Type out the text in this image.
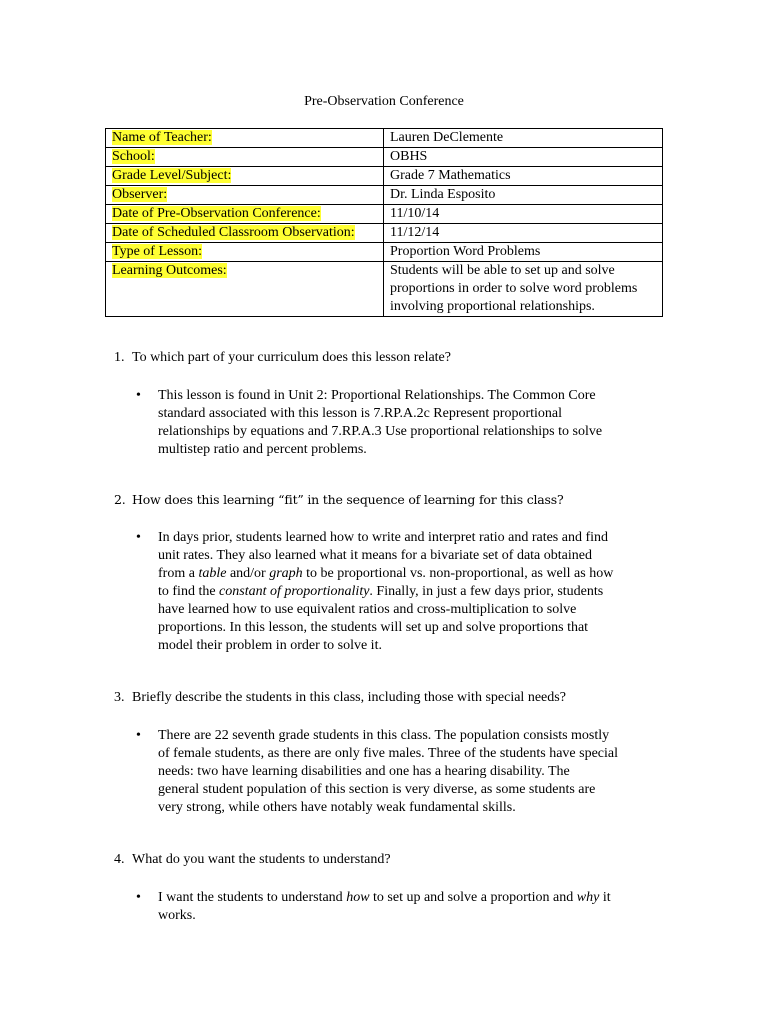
Pre-Observation Conference
Name of Teacher:	Lauren DeClemente
School:	OBHS
Grade Level/Subject:	Grade 7 Mathematics
Observer:	Dr. Linda Esposito
Date of Pre-Observation Conference:	11/10/14
Date of Scheduled Classroom Observation:	11/12/14
Type of Lesson:	Proportion Word Problems
Learning Outcomes:	Students will be able to set up and solve proportions in order to solve word problems involving proportional relationships.
1. To which part of your curriculum does this lesson relate?
• This lesson is found in Unit 2: Proportional Relationships. The Common Core
standard associated with this lesson is 7.RP.A.2c Represent proportional
relationships by equations and 7.RP.A.3 Use proportional relationships to solve
multistep ratio and percent problems.
2. How does this learning “fit” in the sequence of learning for this class?
• In days prior, students learned how to write and interpret ratio and rates and find
unit rates. They also learned what it means for a bivariate set of data obtained
from a table and/or graph to be proportional vs. non-proportional, as well as how
to find the constant of proportionality. Finally, in just a few days prior, students
have learned how to use equivalent ratios and cross-multiplication to solve
proportions. In this lesson, the students will set up and solve proportions that
model their problem in order to solve it.
3. Briefly describe the students in this class, including those with special needs?
• There are 22 seventh grade students in this class. The population consists mostly
of female students, as there are only five males. Three of the students have special
needs: two have learning disabilities and one has a hearing disability. The
general student population of this section is very diverse, as some students are
very strong, while others have notably weak fundamental skills.
4. What do you want the students to understand?
• I want the students to understand how to set up and solve a proportion and why it
works.
